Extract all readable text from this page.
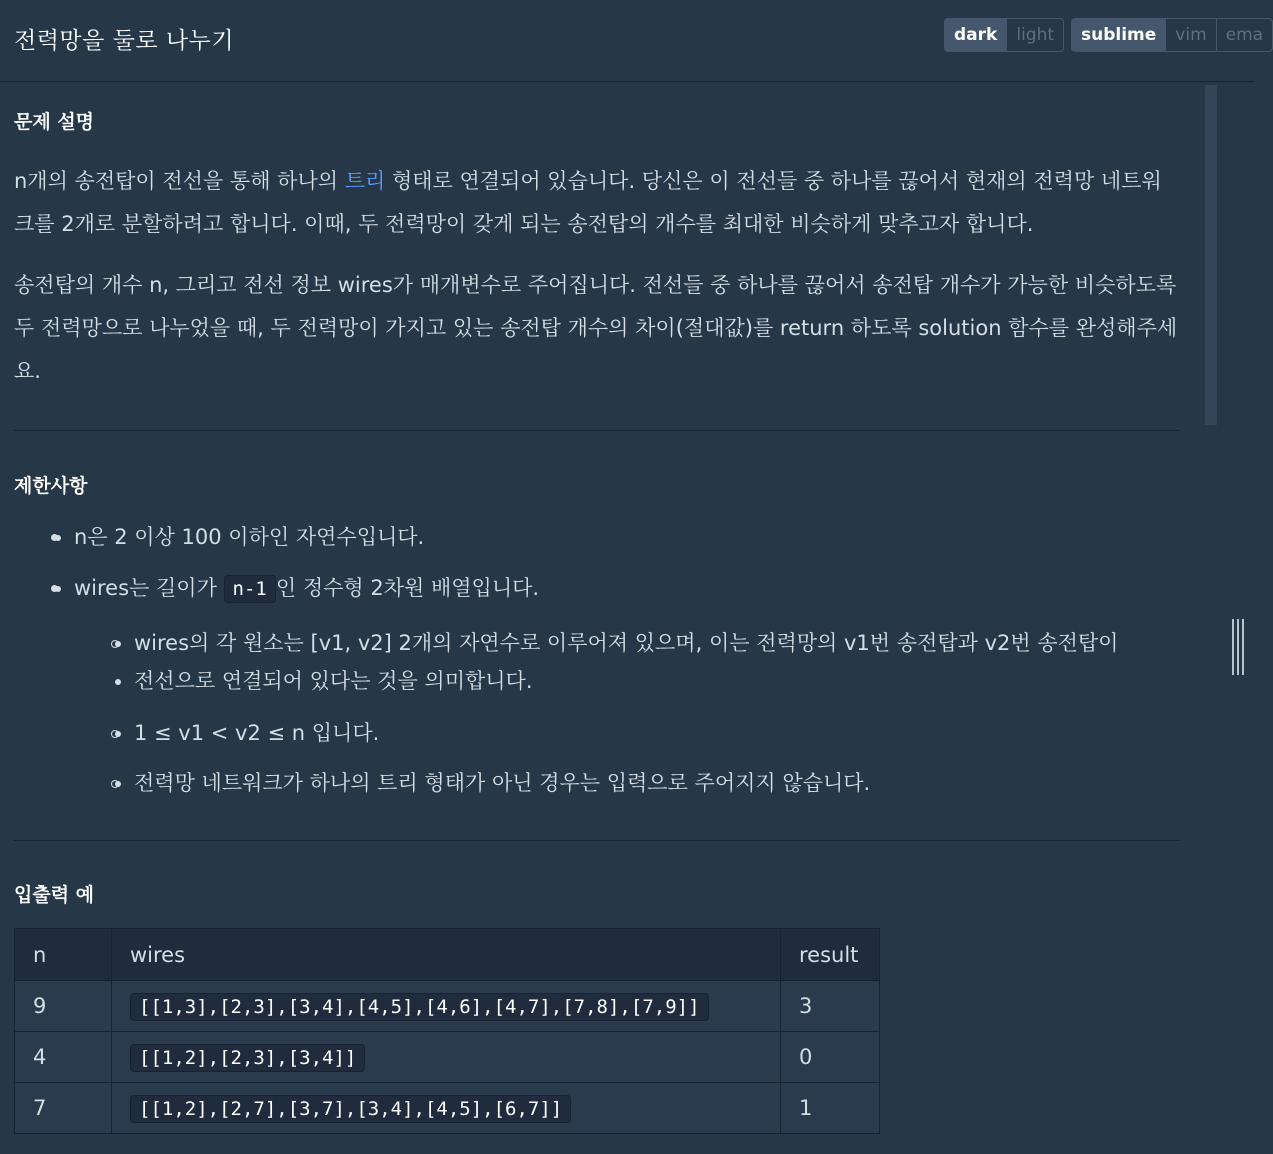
전력망을 둘로 나누기	dark	light	sublime	vim	ema
문제 설명

n개의 송전탑이 전선을 통해 하나의 트리 형태로 연결되어 있습니다. 당신은 이 전선들 중 하나를 끊어서 현재의 전력망 네트워크를 2개로 분할하려고 합니다. 이때, 두 전력망이 갖게 되는 송전탑의 개수를 최대한 비슷하게 맞추고자 합니다.

송전탑의 개수 n, 그리고 전선 정보 wires가 매개변수로 주어집니다. 전선들 중 하나를 끊어서 송전탑 개수가 가능한 비슷하도록 두 전력망으로 나누었을 때, 두 전력망이 가지고 있는 송전탑 개수의 차이(절대값)를 return 하도록 solution 함수를 완성해주세요.

제한사항
• n은 2 이상 100 이하인 자연수입니다.
• wires는 길이가 n-1 인 정수형 2차원 배열입니다.
• wires의 각 원소는 [v1, v2] 2개의 자연수로 이루어져 있으며, 이는 전력망의 v1번 송전탑과 v2번 송전탑이
• 전선으로 연결되어 있다는 것을 의미합니다.
• 1 ≤ v1 < v2 ≤ n 입니다.
• 전력망 네트워크가 하나의 트리 형태가 아닌 경우는 입력으로 주어지지 않습니다.
입출력 예
n	wires	result
9	[[1,3],[2,3],[3,4],[4,5],[4,6],[4,7],[7,8],[7,9]]	3
4	[[1,2],[2,3],[3,4]]	0
7	[[1,2],[2,7],[3,7],[3,4],[4,5],[6,7]]	1
